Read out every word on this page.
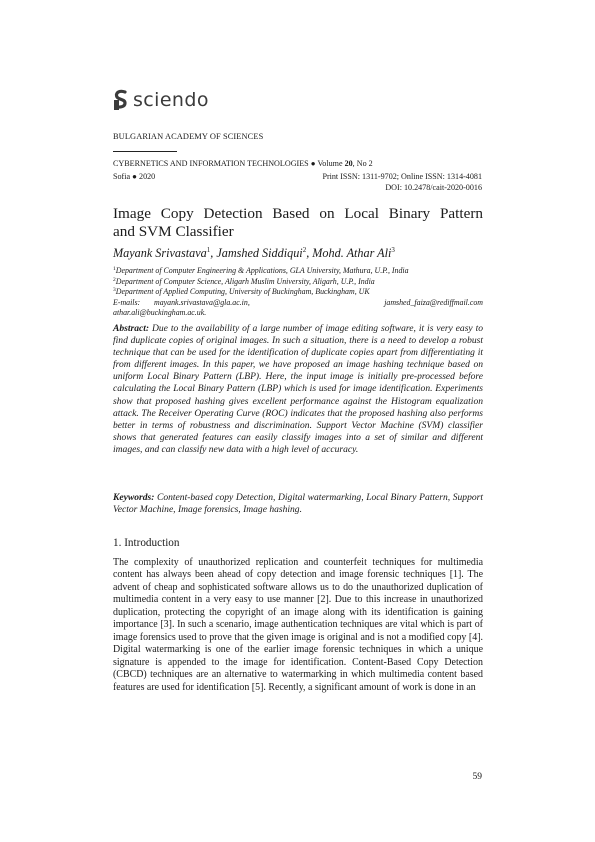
sciendo
BULGARIAN ACADEMY OF SCIENCES
CYBERNETICS AND INFORMATION TECHNOLOGIES ● Volume 20, No 2
Sofia ● 2020	Print ISSN: 1311-9702; Online ISSN: 1314-4081
DOI: 10.2478/cait-2020-0016
Image Copy Detection Based on Local Binary Pattern
and SVM Classifier
Mayank Srivastava$^1$, Jamshed Siddiqui$^2$, Mohd. Athar Ali$^3$
$^1$Department of Computer Engineering & Applications, GLA University, Mathura, U.P., India
$^2$Department of Computer Science, Aligarh Muslim University, Aligarh, U.P., India
$^3$Department of Applied Computing, University of Buckingham, Buckingham, UK
E-mails: mayank.srivastava@gla.ac.in,	jamshed_faiza@rediffmail.com
athar.ali@buckingham.ac.uk.
Abstract: Due to the availability of a large number of image editing software, it is very easy to find duplicate copies of original images. In such a situation, there is a need to develop a robust technique that can be used for the identification of duplicate copies apart from differentiating it from different images. In this paper, we have proposed an image hashing technique based on uniform Local Binary Pattern (LBP). Here, the input image is initially pre-processed before calculating the Local Binary Pattern (LBP) which is used for image identification. Experiments show that proposed hashing gives excellent performance against the Histogram equalization attack. The Receiver Operating Curve (ROC) indicates that the proposed hashing also performs better in terms of robustness and discrimination. Support Vector Machine (SVM) classifier shows that generated features can easily classify images into a set of similar and different images, and can classify new data with a high level of accuracy.
Keywords: Content-based copy Detection, Digital watermarking, Local Binary Pattern, Support Vector Machine, Image forensics, Image hashing.
1. Introduction
The complexity of unauthorized replication and counterfeit techniques for multimedia content has always been ahead of copy detection and image forensic techniques [1]. The advent of cheap and sophisticated software allows us to do the unauthorized duplication of multimedia content in a very easy to use manner [2]. Due to this increase in unauthorized duplication, protecting the copyright of an image along with its identification is gaining importance [3]. In such a scenario, image authentication techniques are vital which is part of image forensics used to prove that the given image is original and is not a modified copy [4]. Digital watermarking is one of the earlier image forensic techniques in which a unique signature is appended to the image for identification. Content-Based Copy Detection (CBCD) techniques are an alternative to watermarking in which multimedia content based features are used for identification [5]. Recently, a significant amount of work is done in an
59
